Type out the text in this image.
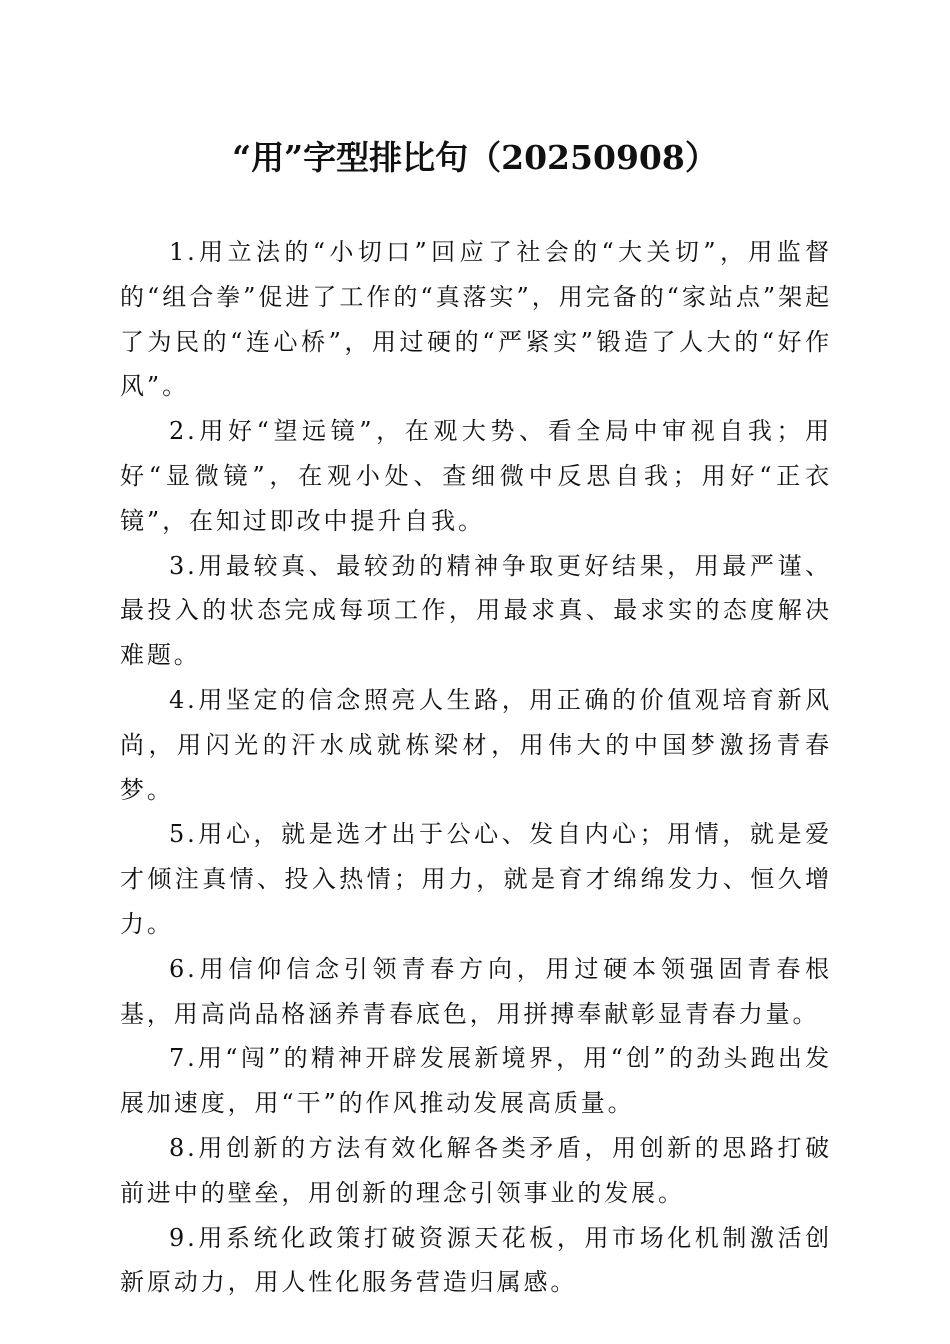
“用”字型排比句（20250908）

1.用立法的“小切口”回应了社会的“大关切”，用监督的“组合拳”促进了工作的“真落实”，用完备的“家站点”架起了为民的“连心桥”，用过硬的“严紧实”锻造了人大的“好作风”。

2.用好“望远镜”，在观大势、看全局中审视自我；用好“显微镜”，在观小处、查细微中反思自我；用好“正衣镜”，在知过即改中提升自我。

3.用最较真、最较劲的精神争取更好结果，用最严谨、最投入的状态完成每项工作，用最求真、最求实的态度解决难题。

4.用坚定的信念照亮人生路，用正确的价值观培育新风尚，用闪光的汗水成就栋梁材，用伟大的中国梦激扬青春梦。

5.用心，就是选才出于公心、发自内心；用情，就是爱才倾注真情、投入热情；用力，就是育才绵绵发力、恒久增力。

6.用信仰信念引领青春方向，用过硬本领强固青春根基，用高尚品格涵养青春底色，用拼搏奉献彰显青春力量。

7.用“闯”的精神开辟发展新境界，用“创”的劲头跑出发展加速度，用“干”的作风推动发展高质量。

8.用创新的方法有效化解各类矛盾，用创新的思路打破前进中的壁垒，用创新的理念引领事业的发展。

9.用系统化政策打破资源天花板，用市场化机制激活创新原动力，用人性化服务营造归属感。
